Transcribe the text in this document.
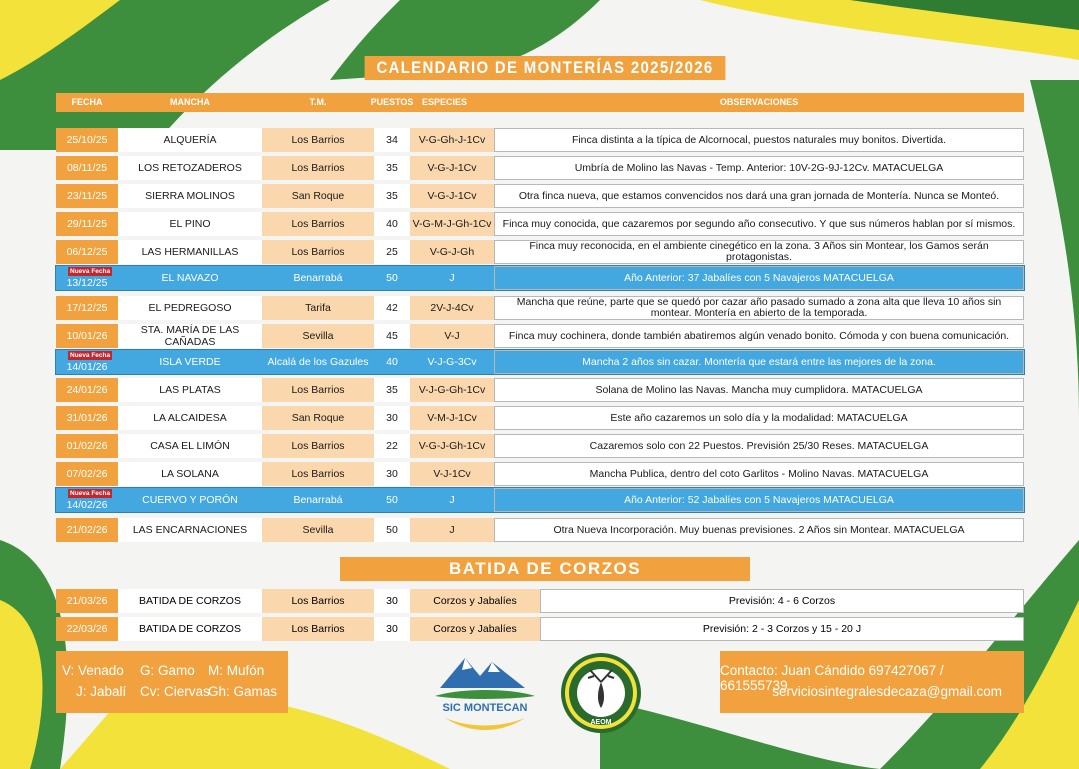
CALENDARIO DE MONTERÍAS 2025/2026
FECHA	MANCHA	T.M.	PUESTOS ESPECIES	OBSERVACIONES
25/10/25	ALQUERÍA	Los Barrios	34	V-G-Gh-J-1Cv	Finca distinta a la típica de Alcornocal, puestos naturales muy bonitos. Divertida.
08/11/25	LOS RETOZADEROS	Los Barrios	35	V-G-J-1Cv	Umbría de Molino las Navas - Temp. Anterior: 10V-2G-9J-12Cv. MATACUELGA
23/11/25	SIERRA MOLINOS	San Roque	35	V-G-J-1Cv	Otra finca nueva, que estamos convencidos nos dará una gran jornada de Montería. Nunca se Monteó.
29/11/25	EL PINO	Los Barrios	40	V-G-M-J-Gh-1Cv	Finca muy conocida, que cazaremos por segundo año consecutivo. Y que sus números hablan por sí mismos.
06/12/25	LAS HERMANILLAS	Los Barrios	25	V-G-J-Gh	Finca muy reconocida, en el ambiente cinegético en la zona. 3 Años sin Montear, los Gamos serán protagonistas.
Nueva Fecha
13/12/25	EL NAVAZO	Benarrabá	50	J	Año Anterior: 37 Jabalíes con 5 Navajeros MATACUELGA
17/12/25	EL PEDREGOSO	Tarifa	42	2V-J-4Cv	Mancha que reúne, parte que se quedó por cazar año pasado sumado a zona alta que lleva 10 años sin montear. Montería en abierto de la temporada.
10/01/26	STA. MARÍA DE LAS CAÑADAS	Sevilla	45	V-J	Finca muy cochinera, donde también abatiremos algún venado bonito. Cómoda y con buena comunicación.
Nueva Fecha
14/01/26	ISLA VERDE	Alcalá de los Gazules	40	V-J-G-3Cv	Mancha 2 años sin cazar. Montería que estará entre las mejores de la zona.
24/01/26	LAS PLATAS	Los Barrios	35	V-J-G-Gh-1Cv	Solana de Molino las Navas. Mancha muy cumplidora. MATACUELGA
31/01/26	LA ALCAIDESA	San Roque	30	V-M-J-1Cv	Este año cazaremos un solo día y la modalidad: MATACUELGA
01/02/26	CASA EL LIMÓN	Los Barrios	22	V-G-J-Gh-1Cv	Cazaremos solo con 22 Puestos. Previsión 25/30 Reses. MATACUELGA
07/02/26	LA SOLANA	Los Barrios	30	V-J-1Cv	Mancha Publica, dentro del coto Garlitos - Molino Navas. MATACUELGA
Nueva Fecha
14/02/26	CUERVO Y PORÓN	Benarrabá	50	J	Año Anterior: 52 Jabalíes con 5 Navajeros MATACUELGA
21/02/26	LAS ENCARNACIONES	Sevilla	50	J	Otra Nueva Incorporación. Muy buenas previsiones. 2 Años sin Montear. MATACUELGA
BATIDA DE CORZOS
21/03/26	BATIDA DE CORZOS	Los Barrios	30	Corzos y Jabalíes	Previsión: 4 - 6 Corzos
22/03/26	BATIDA DE CORZOS	Los Barrios	30	Corzos y Jabalíes	Previsión: 2 - 3 Corzos y 15 - 20 J
V: Venado G: Gamo M: Mufón
J: Jabalí Cv: Ciervas
Gh: Gamas
SIC MONTECAN
AEOM
Contacto: Juan Cándido 697427067 / 661555739
serviciosintegralesdecaza@gmail.com
